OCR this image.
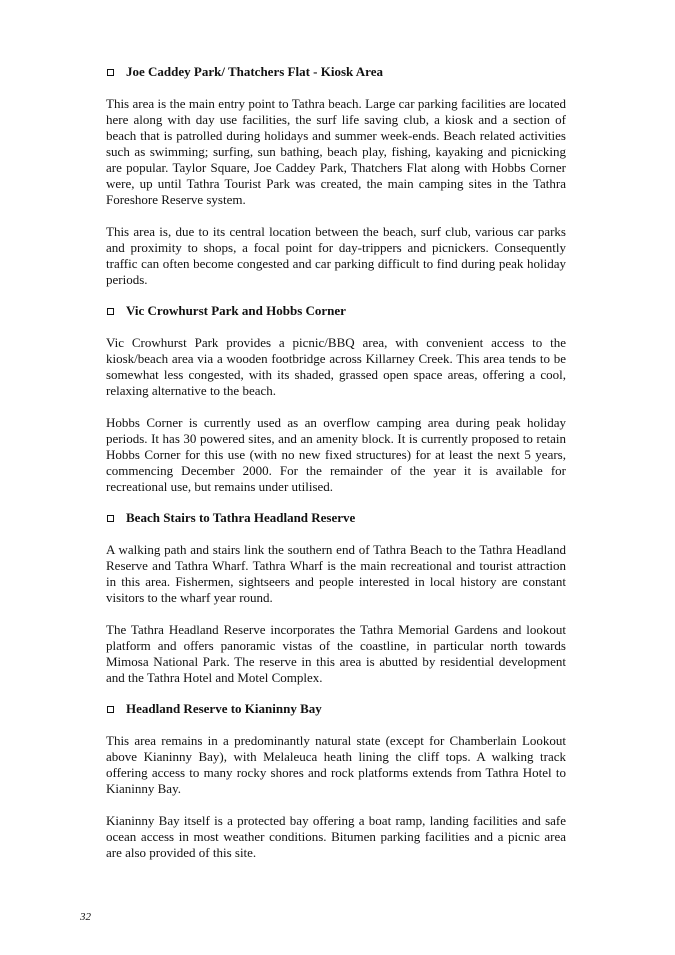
Joe Caddey Park/ Thatchers Flat - Kiosk Area

This area is the main entry point to Tathra beach. Large car parking facilities are located here along with day use facilities, the surf life saving club, a kiosk and a section of beach that is patrolled during holidays and summer week-ends. Beach related activities such as swimming; surfing, sun bathing, beach play, fishing, kayaking and picnicking are popular. Taylor Square, Joe Caddey Park, Thatchers Flat along with Hobbs Corner were, up until Tathra Tourist Park was created, the main camping sites in the Tathra Foreshore Reserve system.

This area is, due to its central location between the beach, surf club, various car parks and proximity to shops, a focal point for day-trippers and picnickers. Consequently traffic can often become congested and car parking difficult to find during peak holiday periods.

Vic Crowhurst Park and Hobbs Corner

Vic Crowhurst Park provides a picnic/BBQ area, with convenient access to the kiosk/beach area via a wooden footbridge across Killarney Creek. This area tends to be somewhat less congested, with its shaded, grassed open space areas, offering a cool, relaxing alternative to the beach.

Hobbs Corner is currently used as an overflow camping area during peak holiday periods. It has 30 powered sites, and an amenity block. It is currently proposed to retain Hobbs Corner for this use (with no new fixed structures) for at least the next 5 years, commencing December 2000. For the remainder of the year it is available for recreational use, but remains under utilised.

Beach Stairs to Tathra Headland Reserve

A walking path and stairs link the southern end of Tathra Beach to the Tathra Headland Reserve and Tathra Wharf. Tathra Wharf is the main recreational and tourist attraction in this area. Fishermen, sightseers and people interested in local history are constant visitors to the wharf year round.

The Tathra Headland Reserve incorporates the Tathra Memorial Gardens and lookout platform and offers panoramic vistas of the coastline, in particular north towards Mimosa National Park. The reserve in this area is abutted by residential development and the Tathra Hotel and Motel Complex.

Headland Reserve to Kianinny Bay

This area remains in a predominantly natural state (except for Chamberlain Lookout above Kianinny Bay), with Melaleuca heath lining the cliff tops. A walking track offering access to many rocky shores and rock platforms extends from Tathra Hotel to Kianinny Bay.

Kianinny Bay itself is a protected bay offering a boat ramp, landing facilities and safe ocean access in most weather conditions. Bitumen parking facilities and a picnic area are also provided of this site.

32
